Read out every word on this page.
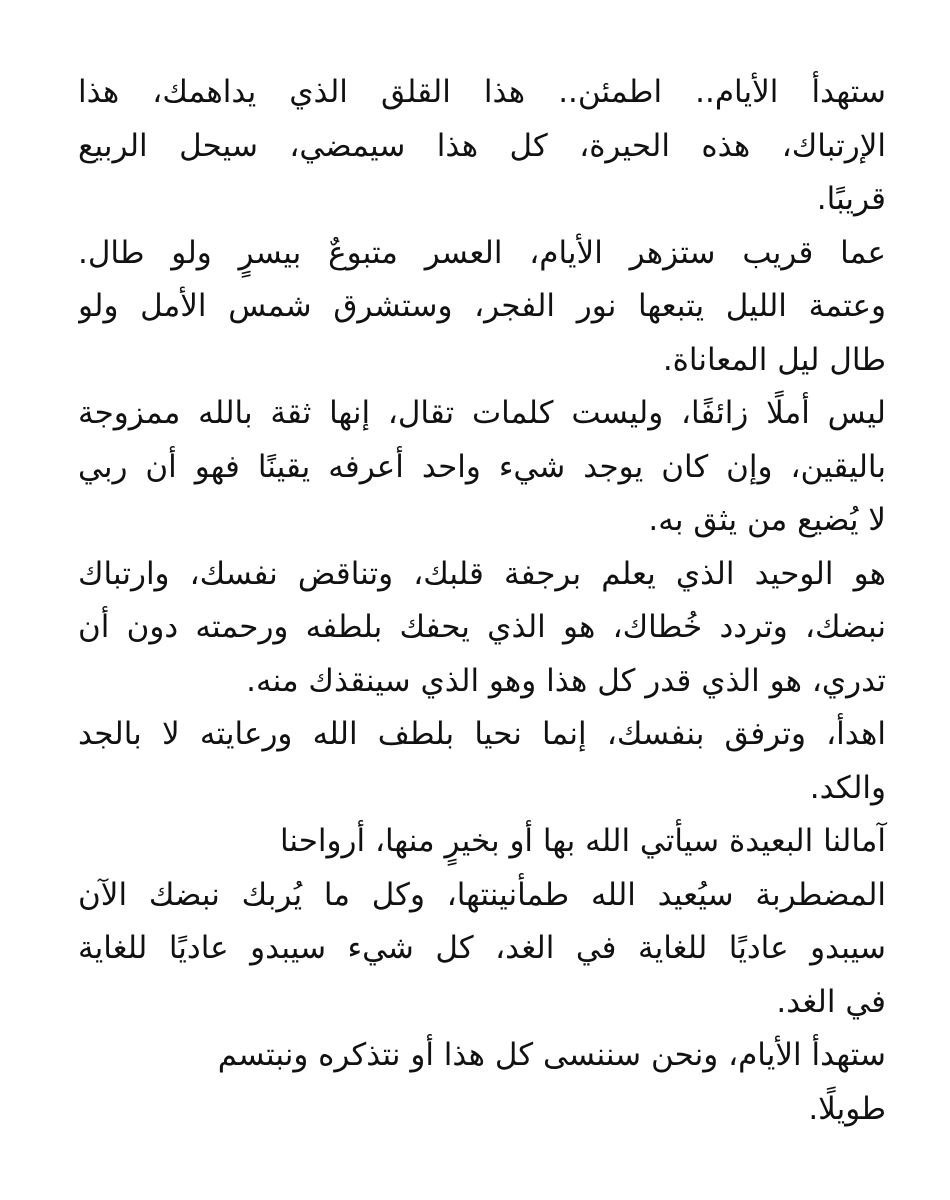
ستهدأ الأيام.. اطمئن.. هذا القلق الذي يداهمك، هذا
الإرتباك، هذه الحيرة، كل هذا سيمضي، سيحل الربيع
قريبًا.
عما قريب ستزهر الأيام، العسر متبوعٌ بيسرٍ ولو طال.
وعتمة الليل يتبعها نور الفجر، وستشرق شمس الأمل ولو
طال ليل المعاناة.
ليس أملًا زائفًا، وليست كلمات تقال، إنها ثقة بالله ممزوجة
باليقين، وإن كان يوجد شيء واحد أعرفه يقينًا فهو أن ربي
لا يُضيع من يثق به.
هو الوحيد الذي يعلم برجفة قلبك، وتناقض نفسك، وارتباك
نبضك، وتردد خُطاك، هو الذي يحفك بلطفه ورحمته دون أن
تدري، هو الذي قدر كل هذا وهو الذي سينقذك منه.
اهدأ، وترفق بنفسك، إنما نحيا بلطف الله ورعايته لا بالجد
والكد.
آمالنا البعيدة سيأتي الله بها أو بخيرٍ منها، أرواحنا
المضطربة سيُعيد الله طمأنينتها، وكل ما يُربك نبضك الآن
سيبدو عاديًا للغاية في الغد، كل شيء سيبدو عاديًا للغاية
في الغد.
ستهدأ الأيام، ونحن سننسى كل هذا أو نتذكره ونبتسم
طويلًا.
